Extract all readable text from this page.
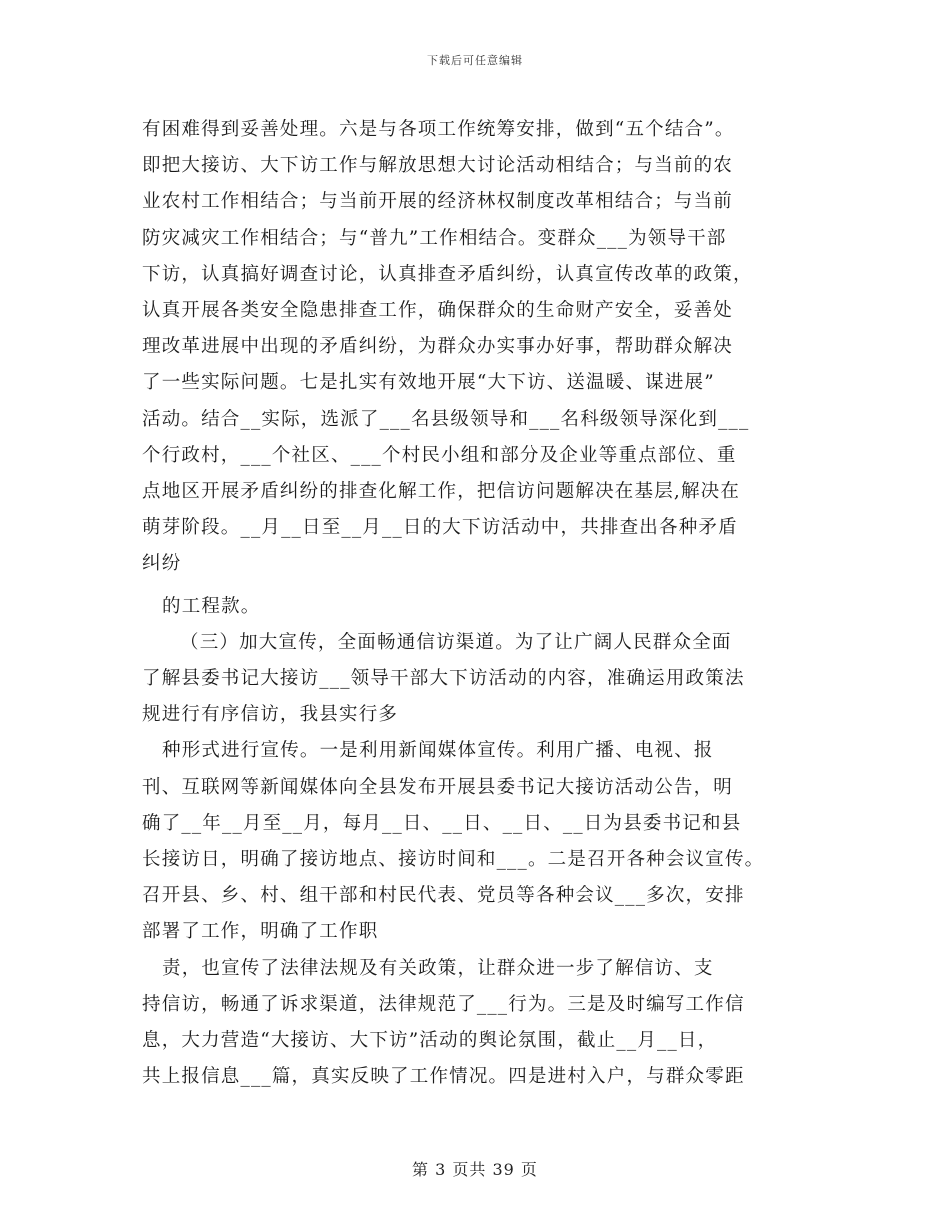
下载后可任意编辑
有困难得到妥善处理。六是与各项工作统筹安排，做到“五个结合”。
即把大接访、大下访工作与解放思想大讨论活动相结合；与当前的农
业农村工作相结合；与当前开展的经济林权制度改革相结合；与当前
防灾减灾工作相结合；与“普九”工作相结合。变群众___为领导干部
下访，认真搞好调查讨论，认真排查矛盾纠纷，认真宣传改革的政策，
认真开展各类安全隐患排查工作，确保群众的生命财产安全，妥善处
理改革进展中出现的矛盾纠纷，为群众办实事办好事，帮助群众解决
了一些实际问题。七是扎实有效地开展“大下访、送温暖、谋进展”
活动。结合__实际，选派了___名县级领导和___名科级领导深化到___
个行政村，___个社区、___个村民小组和部分及企业等重点部位、重
点地区开展矛盾纠纷的排查化解工作，把信访问题解决在基层,解决在
萌芽阶段。__月__日至__月__日的大下访活动中，共排查出各种矛盾
纠纷
的工程款。
（三）加大宣传，全面畅通信访渠道。为了让广阔人民群众全面
了解县委书记大接访___领导干部大下访活动的内容，准确运用政策法
规进行有序信访，我县实行多
种形式进行宣传。一是利用新闻媒体宣传。利用广播、电视、报
刊、互联网等新闻媒体向全县发布开展县委书记大接访活动公告，明
确了__年__月至__月，每月__日、__日、__日、__日为县委书记和县
长接访日，明确了接访地点、接访时间和___。二是召开各种会议宣传。
召开县、乡、村、组干部和村民代表、党员等各种会议___多次，安排
部署了工作，明确了工作职
责，也宣传了法律法规及有关政策，让群众进一步了解信访、支
持信访，畅通了诉求渠道，法律规范了___行为。三是及时编写工作信
息，大力营造“大接访、大下访”活动的舆论氛围，截止__月__日，
共上报信息___篇，真实反映了工作情况。四是进村入户，与群众零距
第 3 页共 39 页
